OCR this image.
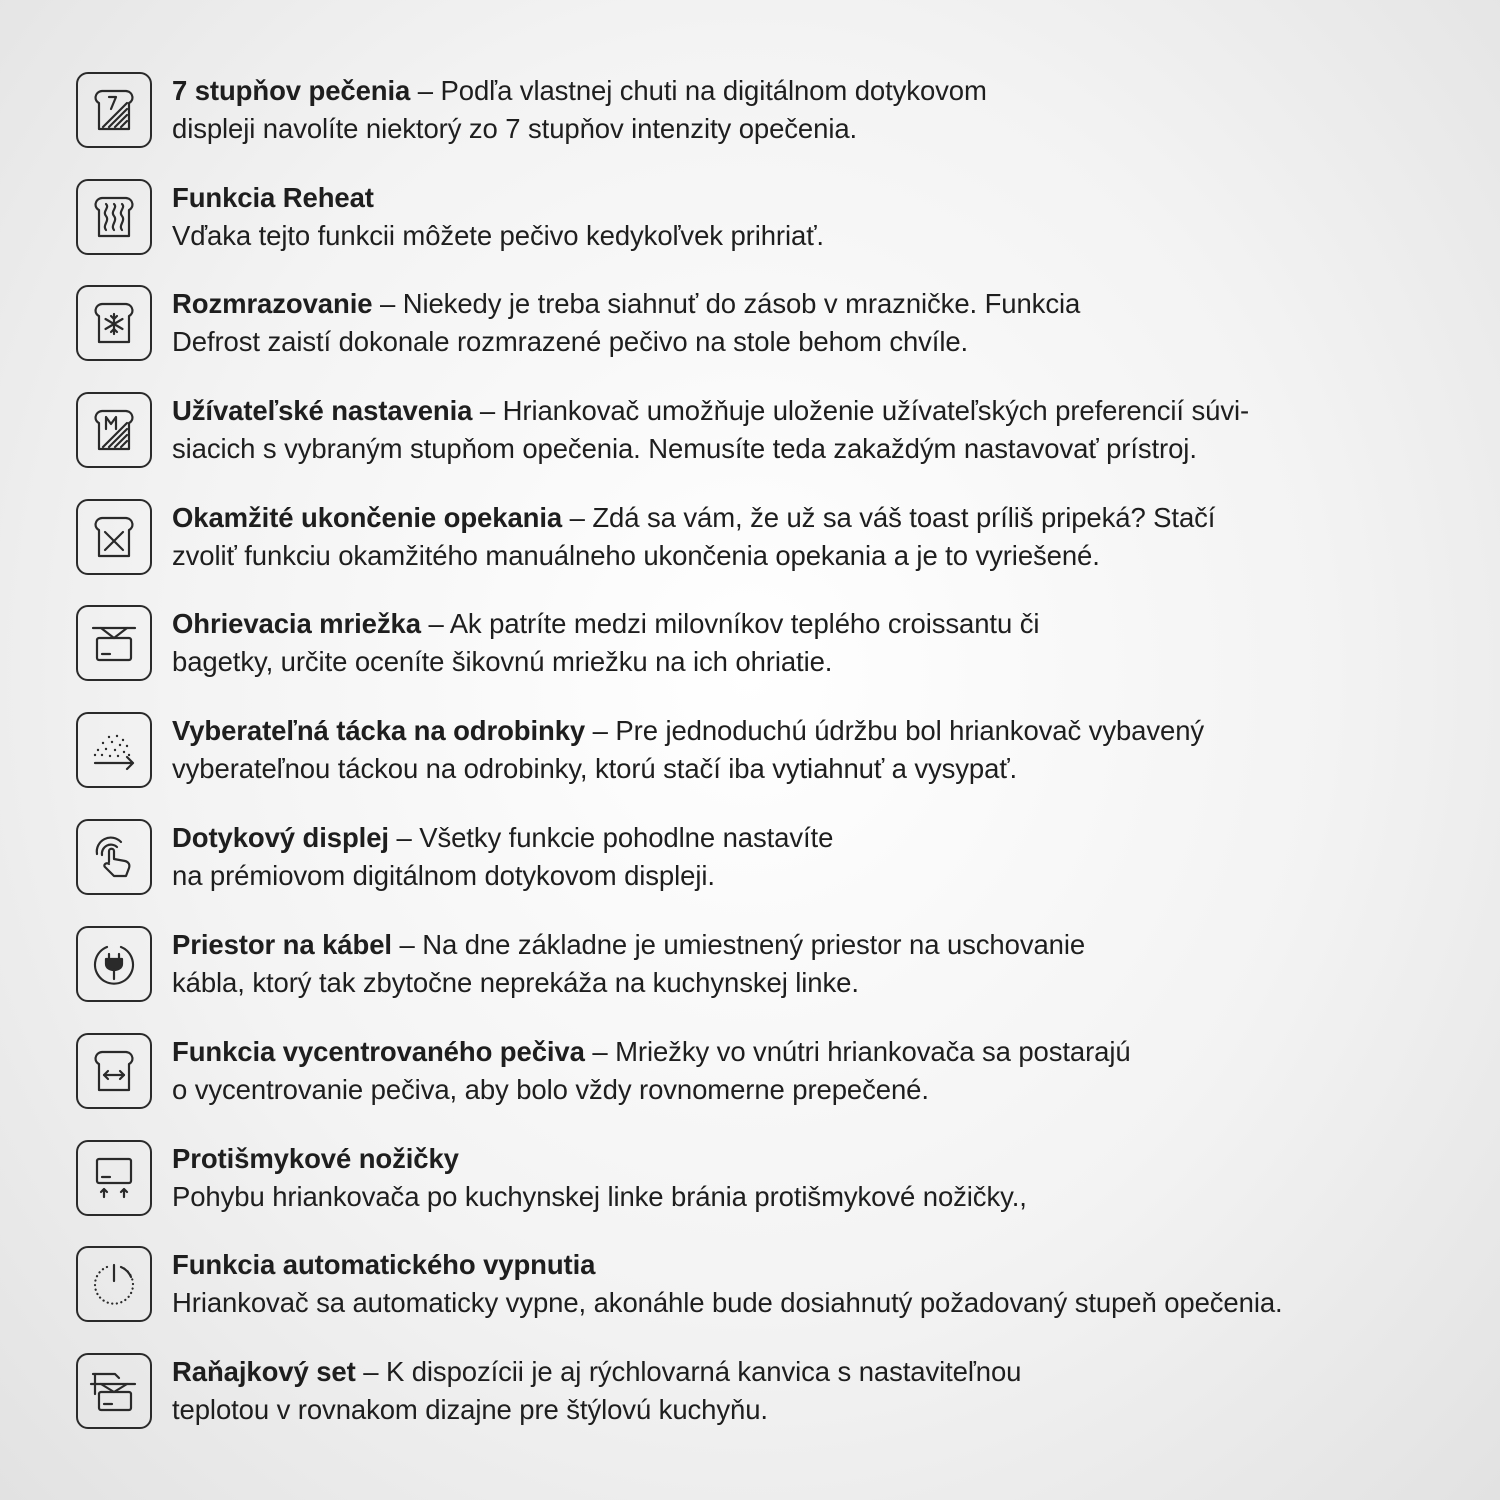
7 stupňov pečenia – Podľa vlastnej chuti na digitálnom dotykovom
displeji navolíte niektorý zo 7 stupňov intenzity opečenia.
Funkcia Reheat
Vďaka tejto funkcii môžete pečivo kedykoľvek prihriať.
Rozmrazovanie – Niekedy je treba siahnuť do zásob v mrazničke. Funkcia
Defrost zaistí dokonale rozmrazené pečivo na stole behom chvíle.
Užívateľské nastavenia – Hriankovač umožňuje uloženie užívateľských preferencií súvi-
siacich s vybraným stupňom opečenia. Nemusíte teda zakaždým nastavovať prístroj.
Okamžité ukončenie opekania – Zdá sa vám, že už sa váš toast príliš pripeká? Stačí
zvoliť funkciu okamžitého manuálneho ukončenia opekania a je to vyriešené.
Ohrievacia mriežka – Ak patríte medzi milovníkov teplého croissantu či
bagetky, určite oceníte šikovnú mriežku na ich ohriatie.
Vyberateľná tácka na odrobinky – Pre jednoduchú údržbu bol hriankovač vybavený
vyberateľnou táckou na odrobinky, ktorú stačí iba vytiahnuť a vysypať.
Dotykový displej – Všetky funkcie pohodlne nastavíte
na prémiovom digitálnom dotykovom displeji.
Priestor na kábel – Na dne základne je umiestnený priestor na uschovanie
kábla, ktorý tak zbytočne neprekáža na kuchynskej linke.
Funkcia vycentrovaného pečiva – Mriežky vo vnútri hriankovača sa postarajú
o vycentrovanie pečiva, aby bolo vždy rovnomerne prepečené.
Protišmykové nožičky
Pohybu hriankovača po kuchynskej linke bránia protišmykové nožičky.,
Funkcia automatického vypnutia
Hriankovač sa automaticky vypne, akonáhle bude dosiahnutý požadovaný stupeň opečenia.
Raňajkový set – K dispozícii je aj rýchlovarná kanvica s nastaviteľnou
teplotou v rovnakom dizajne pre štýlovú kuchyňu.
